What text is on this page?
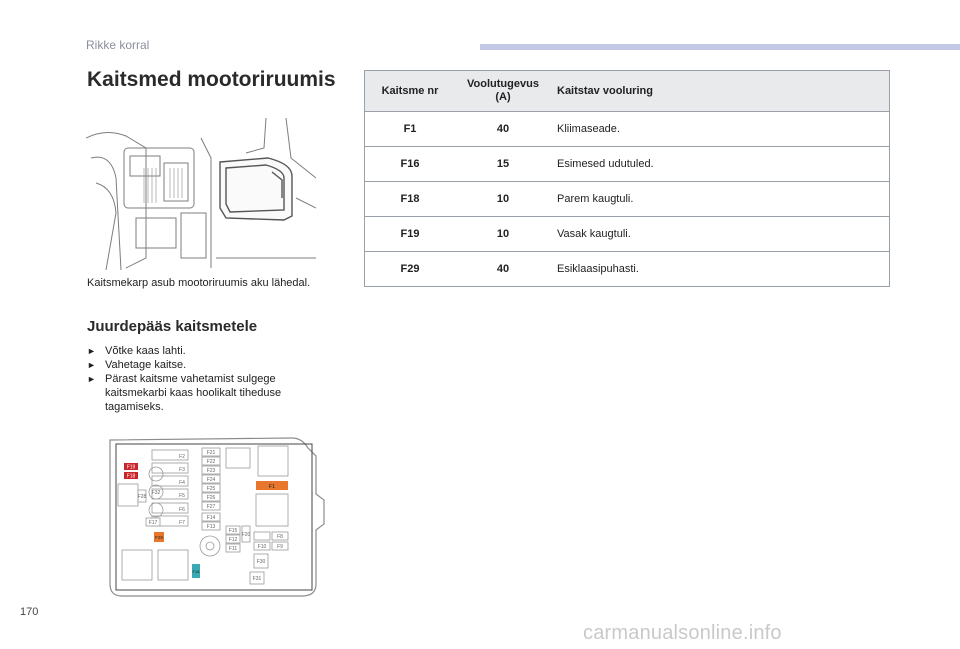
Rikke korral
Kaitsmed mootoriruumis
Kaitsmekarp asub mootoriruumis aku lähedal.
Juurdepääs kaitsmetele
► Võtke kaas lahti.
► Vahetage kaitse.
► Pärast kaitsme vahetamist sulgege kaitsmekarbi kaas hoolikalt tiheduse tagamiseks.
F2
F3
F4
F5
F6
F7
F21
F22
F23
F24
F25
F26
F27
F14
F13
F15
F12
F11
F20
F10
F8
F9
F17
F30
F31
F32
F28
F19
F18
F1
F29
F16
Kaitsme nr	Voolutugevus (A)	Kaitstav vooluring
F1	40	Kliimaseade.
F16	15	Esimesed udutuled.
F18	10	Parem kaugtuli.
F19	10	Vasak kaugtuli.
F29	40	Esiklaasipuhasti.
170
carmanualsonline.info
